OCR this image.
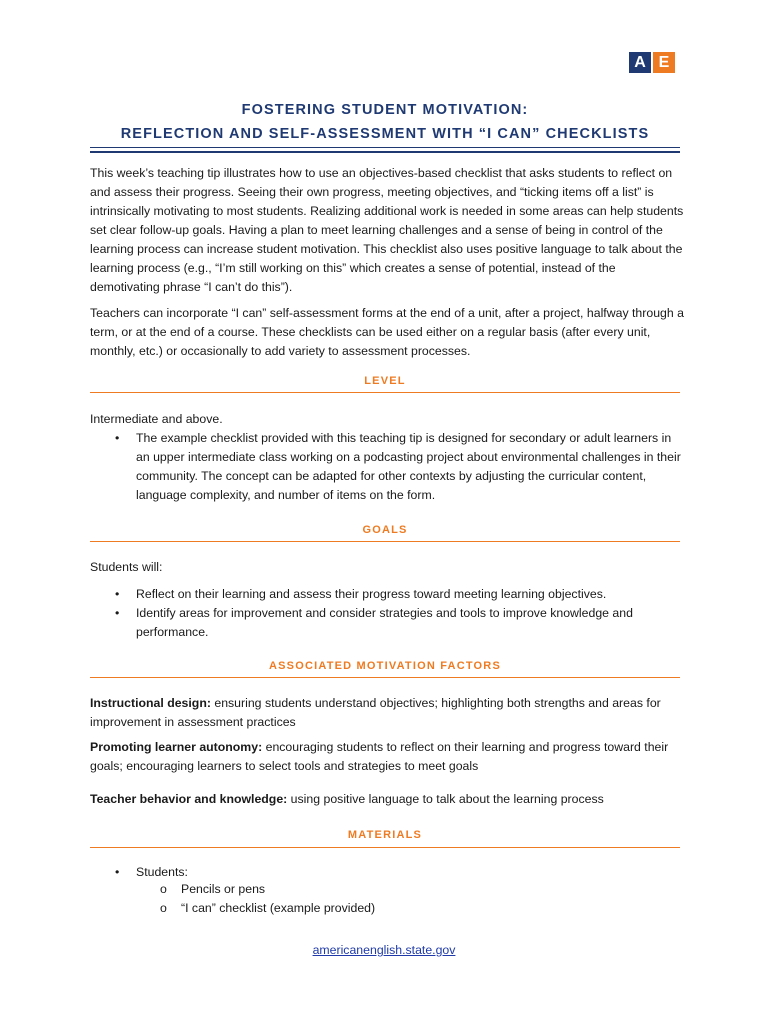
A E
FOSTERING STUDENT MOTIVATION:
REFLECTION AND SELF-ASSESSMENT WITH “I CAN” CHECKLISTS

This week’s teaching tip illustrates how to use an objectives-based checklist that asks students to reflect on and assess their progress. Seeing their own progress, meeting objectives, and “ticking items off a list” is intrinsically motivating to most students. Realizing additional work is needed in some areas can help students set clear follow-up goals. Having a plan to meet learning challenges and a sense of being in control of the learning process can increase student motivation. This checklist also uses positive language to talk about the learning process (e.g., “I’m still working on this” which creates a sense of potential, instead of the demotivating phrase “I can’t do this”).

Teachers can incorporate “I can” self-assessment forms at the end of a unit, after a project, halfway through a term, or at the end of a course. These checklists can be used either on a regular basis (after every unit, monthly, etc.) or occasionally to add variety to assessment processes.

LEVEL

Intermediate and above.

• The example checklist provided with this teaching tip is designed for secondary or adult learners in an upper intermediate class working on a podcasting project about environmental challenges in their community. The concept can be adapted for other contexts by adjusting the curricular content, language complexity, and number of items on the form.

GOALS

Students will:

• Reflect on their learning and assess their progress toward meeting learning objectives.

• Identify areas for improvement and consider strategies and tools to improve knowledge and performance.

ASSOCIATED MOTIVATION FACTORS

Instructional design: ensuring students understand objectives; highlighting both strengths and areas for improvement in assessment practices

Promoting learner autonomy: encouraging students to reflect on their learning and progress toward their goals; encouraging learners to select tools and strategies to meet goals

Teacher behavior and knowledge: using positive language to talk about the learning process

MATERIALS
• Students:
o Pencils or pens
o “I can” checklist (example provided)
americanenglish.state.gov
